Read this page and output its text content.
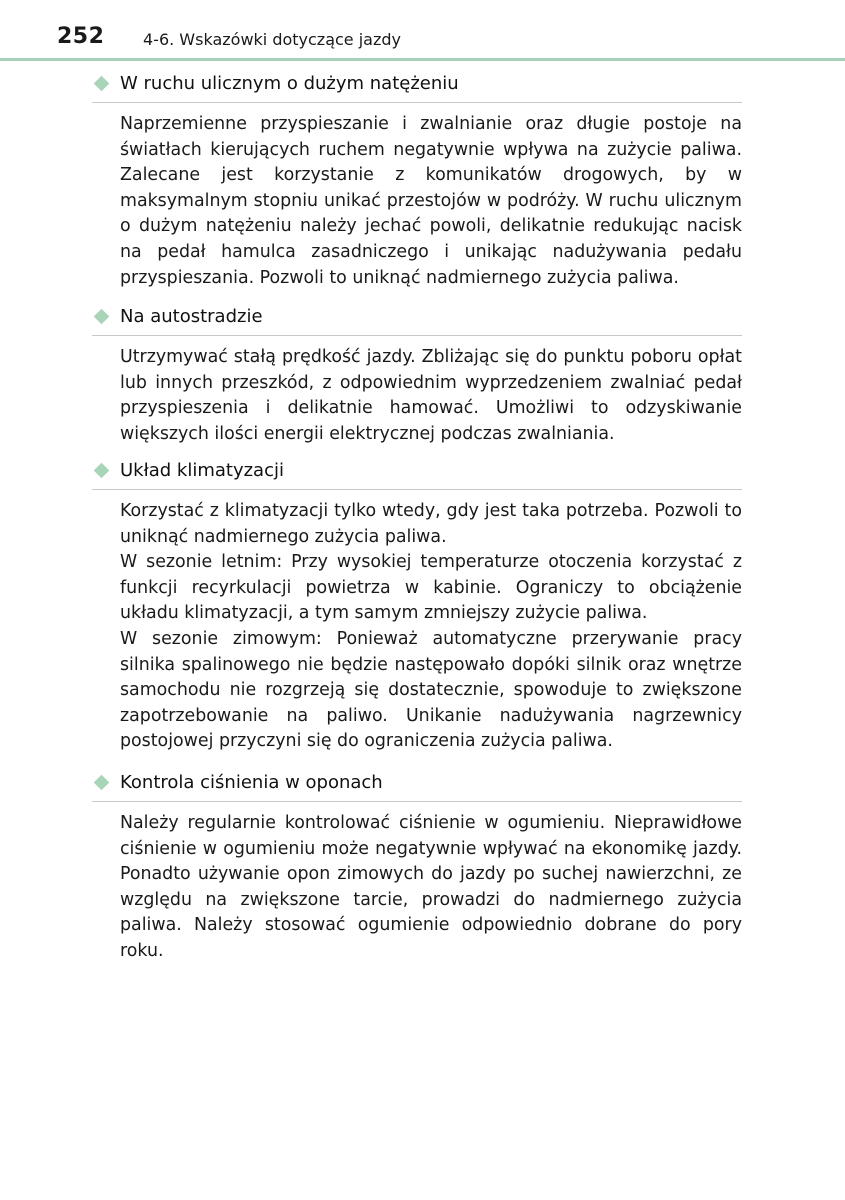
252 4-6. Wskazówki dotyczące jazdy
W ruchu ulicznym o dużym natężeniu

Naprzemienne przyspieszanie i zwalnianie oraz długie postoje na światłach kierujących ruchem negatywnie wpływa na zużycie paliwa. Zalecane jest korzystanie z komunikatów drogowych, by w maksymalnym stopniu unikać przestojów w podróży. W ruchu ulicznym o dużym natężeniu należy jechać powoli, delikatnie redukując nacisk na pedał hamulca zasadniczego i unikając nadużywania pedału przyspieszania. Pozwoli to uniknąć nadmiernego zużycia paliwa.

Na autostradzie

Utrzymywać stałą prędkość jazdy. Zbliżając się do punktu poboru opłat lub innych przeszkód, z odpowiednim wyprzedzeniem zwalniać pedał przyspieszenia i delikatnie hamować. Umożliwi to odzyskiwanie większych ilości energii elektrycznej podczas zwalniania.

Układ klimatyzacji

Korzystać z klimatyzacji tylko wtedy, gdy jest taka potrzeba. Pozwoli to uniknąć nadmiernego zużycia paliwa.

W sezonie letnim: Przy wysokiej temperaturze otoczenia korzystać z funkcji recyrkulacji powietrza w kabinie. Ograniczy to obciążenie układu klimatyzacji, a tym samym zmniejszy zużycie paliwa.

W sezonie zimowym: Ponieważ automatyczne przerywanie pracy silnika spalinowego nie będzie następowało dopóki silnik oraz wnętrze samochodu nie rozgrzeją się dostatecznie, spowoduje to zwiększone zapotrzebowanie na paliwo. Unikanie nadużywania nagrzewnicy postojowej przyczyni się do ograniczenia zużycia paliwa.

Kontrola ciśnienia w oponach

Należy regularnie kontrolować ciśnienie w ogumieniu. Nieprawidłowe ciśnienie w ogumieniu może negatywnie wpływać na ekonomikę jazdy. Ponadto używanie opon zimowych do jazdy po suchej nawierzchni, ze względu na zwiększone tarcie, prowadzi do nadmiernego zużycia paliwa. Należy stosować ogumienie odpowiednio dobrane do pory roku.
